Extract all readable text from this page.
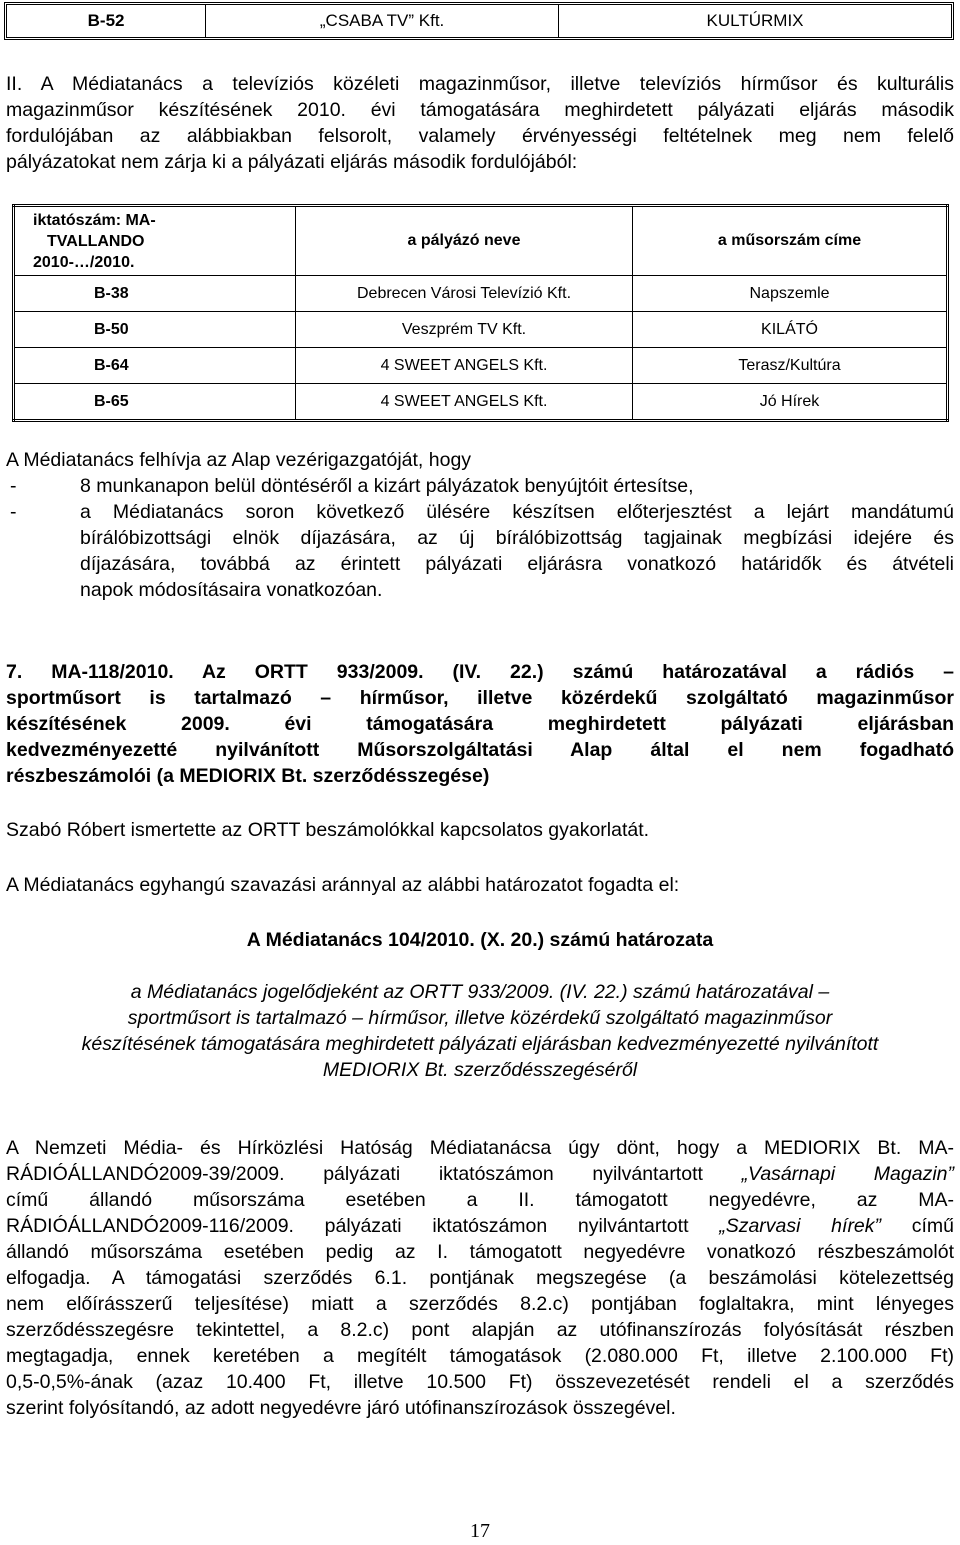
B-52	„CSABA TV” Kft.	KULTÚRMIX
II. A Médiatanács a televíziós közéleti magazinműsor, illetve televíziós hírműsor és kulturális
magazinműsor készítésének 2010. évi támogatására meghirdetett pályázati eljárás második
fordulójában az alábbiakban felsorolt, valamely érvényességi feltételnek meg nem felelő
pályázatokat nem zárja ki a pályázati eljárás második fordulójából:
iktatószám: MA-
TVALLANDO
2010-…/2010.	a pályázó neve	a műsorszám címe
B-38	Debrecen Városi Televízió Kft.	Napszemle
B-50	Veszprém TV Kft.	KILÁTÓ
B-64	4 SWEET ANGELS Kft.	Terasz/Kultúra
B-65	4 SWEET ANGELS Kft.	Jó Hírek
A Médiatanács felhívja az Alap vezérigazgatóját, hogy
-	8 munkanapon belül döntéséről a kizárt pályázatok benyújtóit értesítse,
-	a Médiatanács soron következő ülésére készítsen előterjesztést a lejárt mandátumú
bírálóbizottsági elnök díjazására, az új bírálóbizottság tagjainak megbízási idejére és
díjazására, továbbá az érintett pályázati eljárásra vonatkozó határidők és átvételi
napok módosításaira vonatkozóan.
7. MA-118/2010. Az ORTT 933/2009. (IV. 22.) számú határozatával a rádiós –
sportműsort is tartalmazó – hírműsor, illetve közérdekű szolgáltató magazinműsor
készítésének 2009. évi támogatására meghirdetett pályázati eljárásban
kedvezményezetté nyilvánított Műsorszolgáltatási Alap által el nem fogadható
részbeszámolói (a MEDIORIX Bt. szerződésszegése)
Szabó Róbert ismertette az ORTT beszámolókkal kapcsolatos gyakorlatát.
A Médiatanács egyhangú szavazási aránnyal az alábbi határozatot fogadta el:
A Médiatanács 104/2010. (X. 20.) számú határozata
a Médiatanács jogelődjeként az ORTT 933/2009. (IV. 22.) számú határozatával –
sportműsort is tartalmazó – hírműsor, illetve közérdekű szolgáltató magazinműsor
készítésének támogatására meghirdetett pályázati eljárásban kedvezményezetté nyilvánított
MEDIORIX Bt. szerződésszegéséről
A Nemzeti Média- és Hírközlési Hatóság Médiatanácsa úgy dönt, hogy a MEDIORIX Bt. MA-
RÁDIÓÁLLANDÓ2009-39/2009. pályázati iktatószámon nyilvántartott „Vasárnapi Magazin”
című állandó műsorszáma esetében a II. támogatott negyedévre, az MA-
RÁDIÓÁLLANDÓ2009-116/2009. pályázati iktatószámon nyilvántartott „Szarvasi hírek” című
állandó műsorszáma esetében pedig az I. támogatott negyedévre vonatkozó részbeszámolót
elfogadja. A támogatási szerződés 6.1. pontjának megszegése (a beszámolási kötelezettség
nem előírásszerű teljesítése) miatt a szerződés 8.2.c) pontjában foglaltakra, mint lényeges
szerződésszegésre tekintettel, a 8.2.c) pont alapján az utófinanszírozás folyósítását részben
megtagadja, ennek keretében a megítélt támogatások (2.080.000 Ft, illetve 2.100.000 Ft)
0,5-0,5%-ának (azaz 10.400 Ft, illetve 10.500 Ft) összevezetését rendeli el a szerződés
szerint folyósítandó, az adott negyedévre járó utófinanszírozások összegével.
17
